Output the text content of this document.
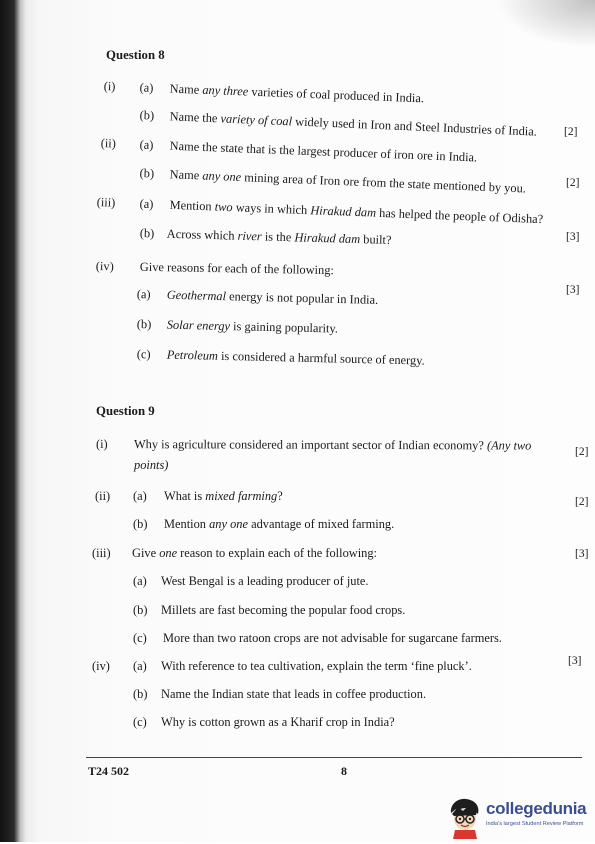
Question 8
(i) (a) Name any three varieties of coal produced in India.
(b) Name the variety of coal widely used in Iron and Steel Industries of India.
(ii) (a) Name the state that is the largest producer of iron ore in India.
(b) Name any one mining area of Iron ore from the state mentioned by you.
(iii) (a) Mention two ways in which Hirakud dam has helped the people of Odisha?
(b) Across which river is the Hirakud dam built?
(iv) Give reasons for each of the following:
(a) Geothermal energy is not popular in India.
(b) Solar energy is gaining popularity.
(c) Petroleum is considered a harmful source of energy.
[2]
[2]
[3]
[3]
Question 9
(i) Why is agriculture considered an important sector of Indian economy? (Any two
points)
(ii) (a) What is mixed farming?
(b) Mention any one advantage of mixed farming.
(iii) Give one reason to explain each of the following:
(a) West Bengal is a leading producer of jute.
(b) Millets are fast becoming the popular food crops.
(c) More than two ratoon crops are not advisable for sugarcane farmers.
(iv) (a) With reference to tea cultivation, explain the term ‘fine pluck’.
(b) Name the Indian state that leads in coffee production.
(c) Why is cotton grown as a Kharif crop in India?
[2]
[2]
[3]
[3]
T24 502	8
collegedunia
India's largest Student Review Platform
